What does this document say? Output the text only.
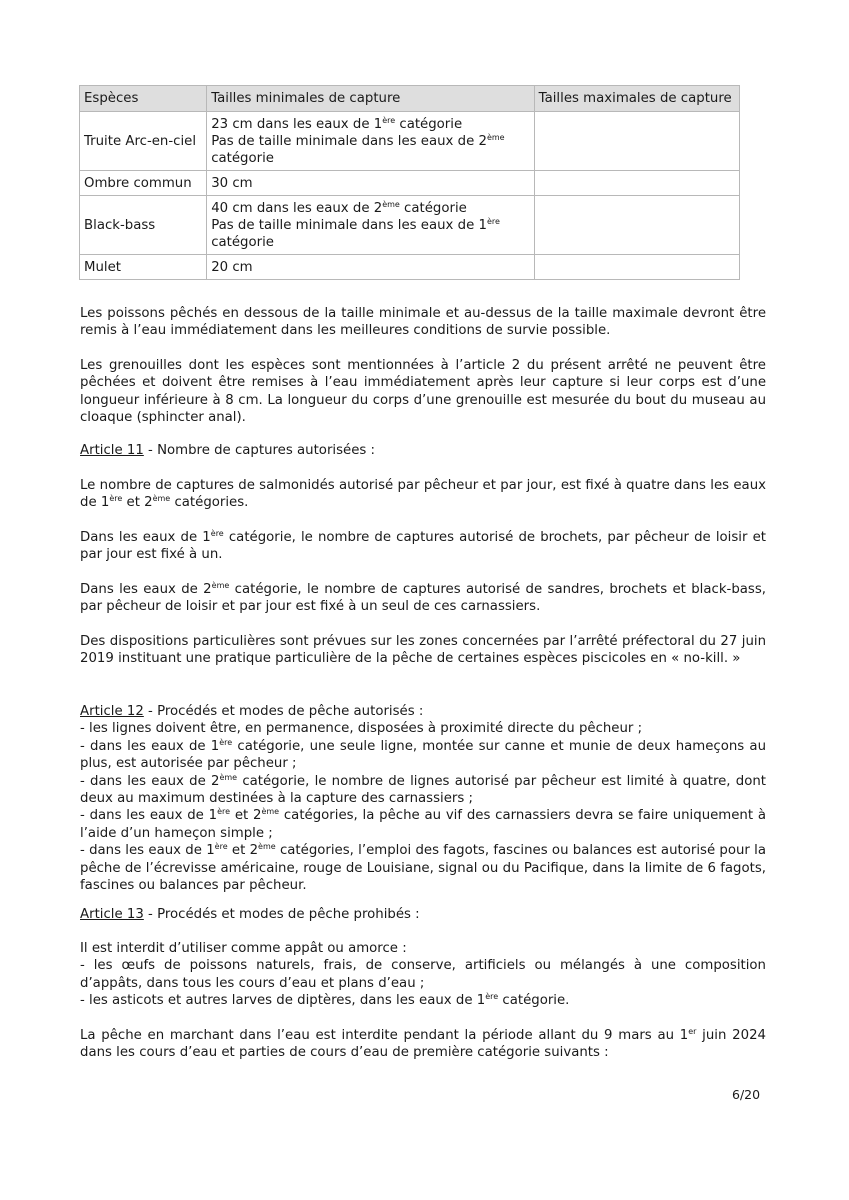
Espèces	Tailles minimales de capture	Tailles maximales de capture
Truite Arc-en-ciel	23 cm dans les eaux de 1ère catégorie
Pas de taille minimale dans les eaux de 2ème catégorie	
Ombre commun	30 cm	
Black-bass	40 cm dans les eaux de 2ème catégorie
Pas de taille minimale dans les eaux de 1ère catégorie	
Mulet	20 cm	

Les poissons pêchés en dessous de la taille minimale et au-dessus de la taille maximale devront être remis à l’eau immédiatement dans les meilleures conditions de survie possible.

Les grenouilles dont les espèces sont mentionnées à l’article 2 du présent arrêté ne peuvent être pêchées et doivent être remises à l’eau immédiatement après leur capture si leur corps est d’une longueur inférieure à 8 cm. La longueur du corps d’une grenouille est mesurée du bout du museau au cloaque (sphincter anal).

Article 11 - Nombre de captures autorisées :

Le nombre de captures de salmonidés autorisé par pêcheur et par jour, est fixé à quatre dans les eaux de 1ère et 2ème catégories.

Dans les eaux de 1ère catégorie, le nombre de captures autorisé de brochets, par pêcheur de loisir et par jour est fixé à un.

Dans les eaux de 2ème catégorie, le nombre de captures autorisé de sandres, brochets et black-bass, par pêcheur de loisir et par jour est fixé à un seul de ces carnassiers.

Des dispositions particulières sont prévues sur les zones concernées par l’arrêté préfectoral du 27 juin 2019 instituant une pratique particulière de la pêche de certaines espèces piscicoles en « no-kill. »

Article 12 - Procédés et modes de pêche autorisés :

- les lignes doivent être, en permanence, disposées à proximité directe du pêcheur ;

- dans les eaux de 1ère catégorie, une seule ligne, montée sur canne et munie de deux hameçons au plus, est autorisée par pêcheur ;

- dans les eaux de 2ème catégorie, le nombre de lignes autorisé par pêcheur est limité à quatre, dont deux au maximum destinées à la capture des carnassiers ;

- dans les eaux de 1ère et 2ème catégories, la pêche au vif des carnassiers devra se faire uniquement à l’aide d’un hameçon simple ;

- dans les eaux de 1ère et 2ème catégories, l’emploi des fagots, fascines ou balances est autorisé pour la pêche de l’écrevisse américaine, rouge de Louisiane, signal ou du Pacifique, dans la limite de 6 fagots, fascines ou balances par pêcheur.

Article 13 - Procédés et modes de pêche prohibés :

Il est interdit d’utiliser comme appât ou amorce :

- les œufs de poissons naturels, frais, de conserve, artificiels ou mélangés à une composition d’appâts, dans tous les cours d’eau et plans d’eau ;

- les asticots et autres larves de diptères, dans les eaux de 1ère catégorie.

La pêche en marchant dans l’eau est interdite pendant la période allant du 9 mars au 1er juin 2024 dans les cours d’eau et parties de cours d’eau de première catégorie suivants :

6/20
